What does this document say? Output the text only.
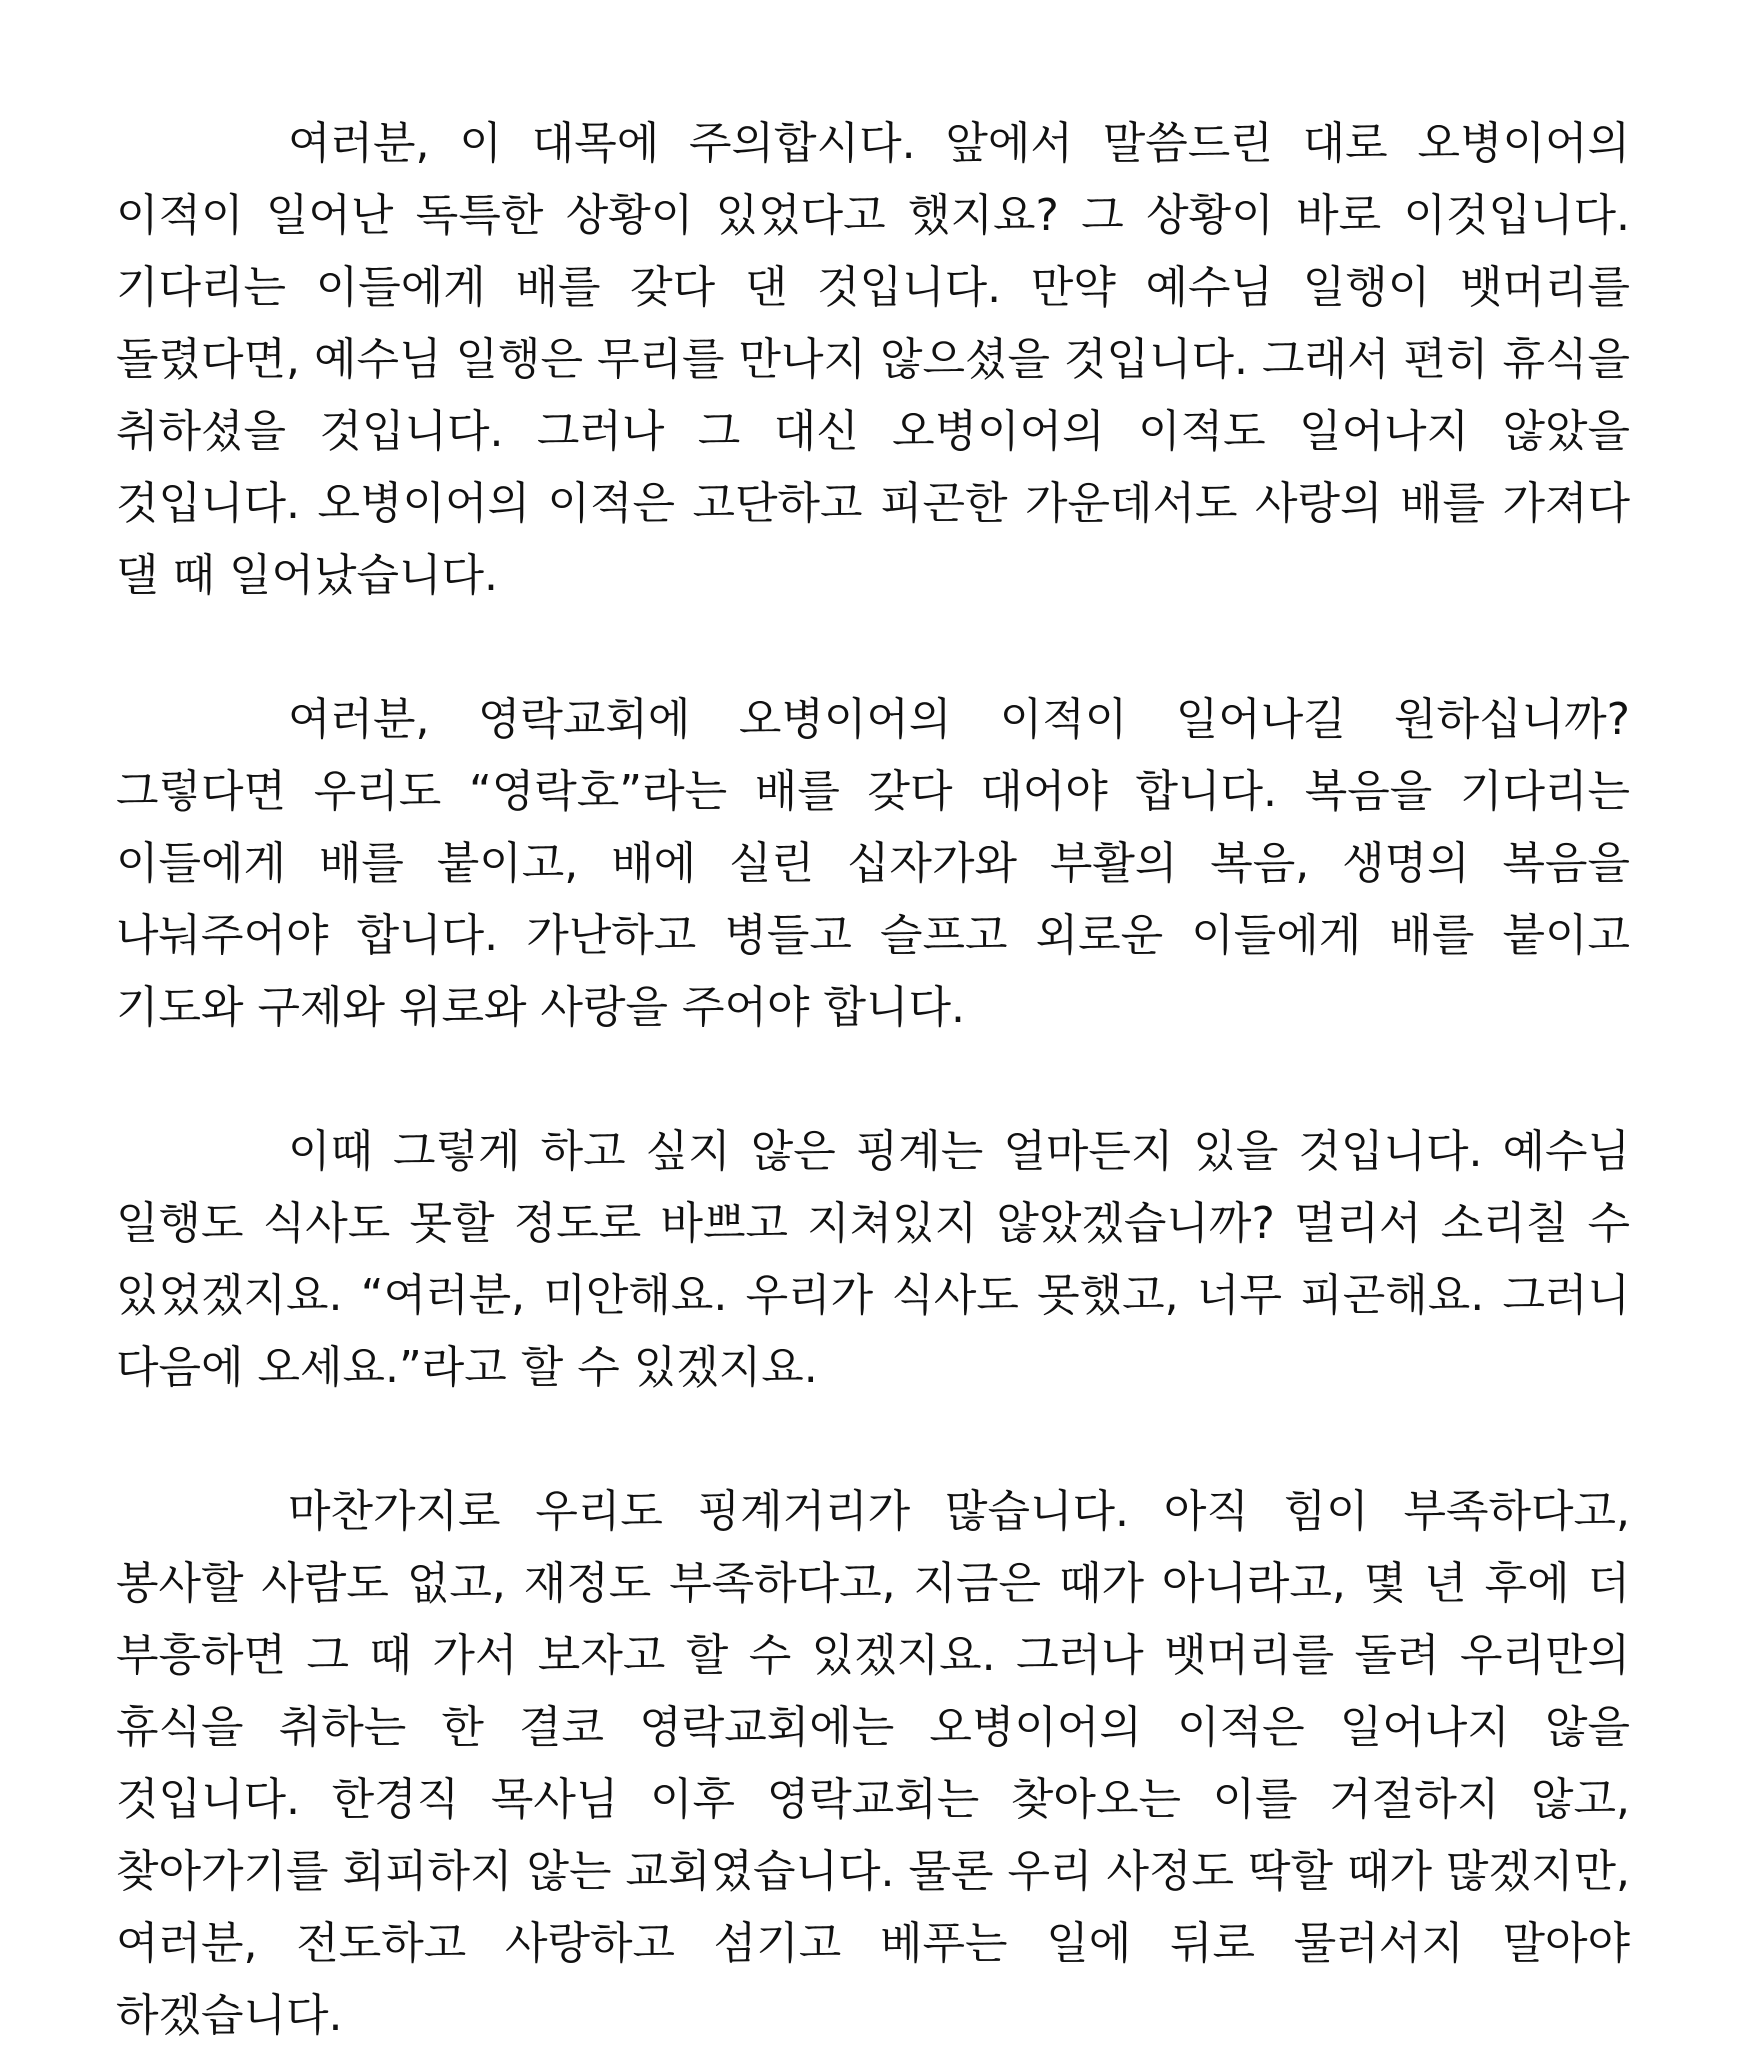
여러분, 이 대목에 주의합시다. 앞에서 말씀드린 대로 오병이어의 이적이 일어난 독특한 상황이 있었다고 했지요? 그 상황이 바로 이것입니다. 기다리는 이들에게 배를 갖다 댄 것입니다. 만약 예수님 일행이 뱃머리를 돌렸다면, 예수님 일행은 무리를 만나지 않으셨을 것입니다. 그래서 편히 휴식을 취하셨을 것입니다. 그러나 그 대신 오병이어의 이적도 일어나지 않았을 것입니다. 오병이어의 이적은 고단하고 피곤한 가운데서도 사랑의 배를 가져다 댈 때 일어났습니다.

여러분, 영락교회에 오병이어의 이적이 일어나길 원하십니까? 그렇다면 우리도 “영락호”라는 배를 갖다 대어야 합니다. 복음을 기다리는 이들에게 배를 붙이고, 배에 실린 십자가와 부활의 복음, 생명의 복음을 나눠주어야 합니다. 가난하고 병들고 슬프고 외로운 이들에게 배를 붙이고 기도와 구제와 위로와 사랑을 주어야 합니다.

이때 그렇게 하고 싶지 않은 핑계는 얼마든지 있을 것입니다. 예수님 일행도 식사도 못할 정도로 바쁘고 지쳐있지 않았겠습니까? 멀리서 소리칠 수 있었겠지요. “여러분, 미안해요. 우리가 식사도 못했고, 너무 피곤해요. 그러니 다음에 오세요.”라고 할 수 있겠지요.

마찬가지로 우리도 핑계거리가 많습니다. 아직 힘이 부족하다고, 봉사할 사람도 없고, 재정도 부족하다고, 지금은 때가 아니라고, 몇 년 후에 더 부흥하면 그 때 가서 보자고 할 수 있겠지요. 그러나 뱃머리를 돌려 우리만의 휴식을 취하는 한 결코 영락교회에는 오병이어의 이적은 일어나지 않을 것입니다. 한경직 목사님 이후 영락교회는 찾아오는 이를 거절하지 않고, 찾아가기를 회피하지 않는 교회였습니다. 물론 우리 사정도 딱할 때가 많겠지만, 여러분, 전도하고 사랑하고 섬기고 베푸는 일에 뒤로 물러서지 말아야 하겠습니다.
